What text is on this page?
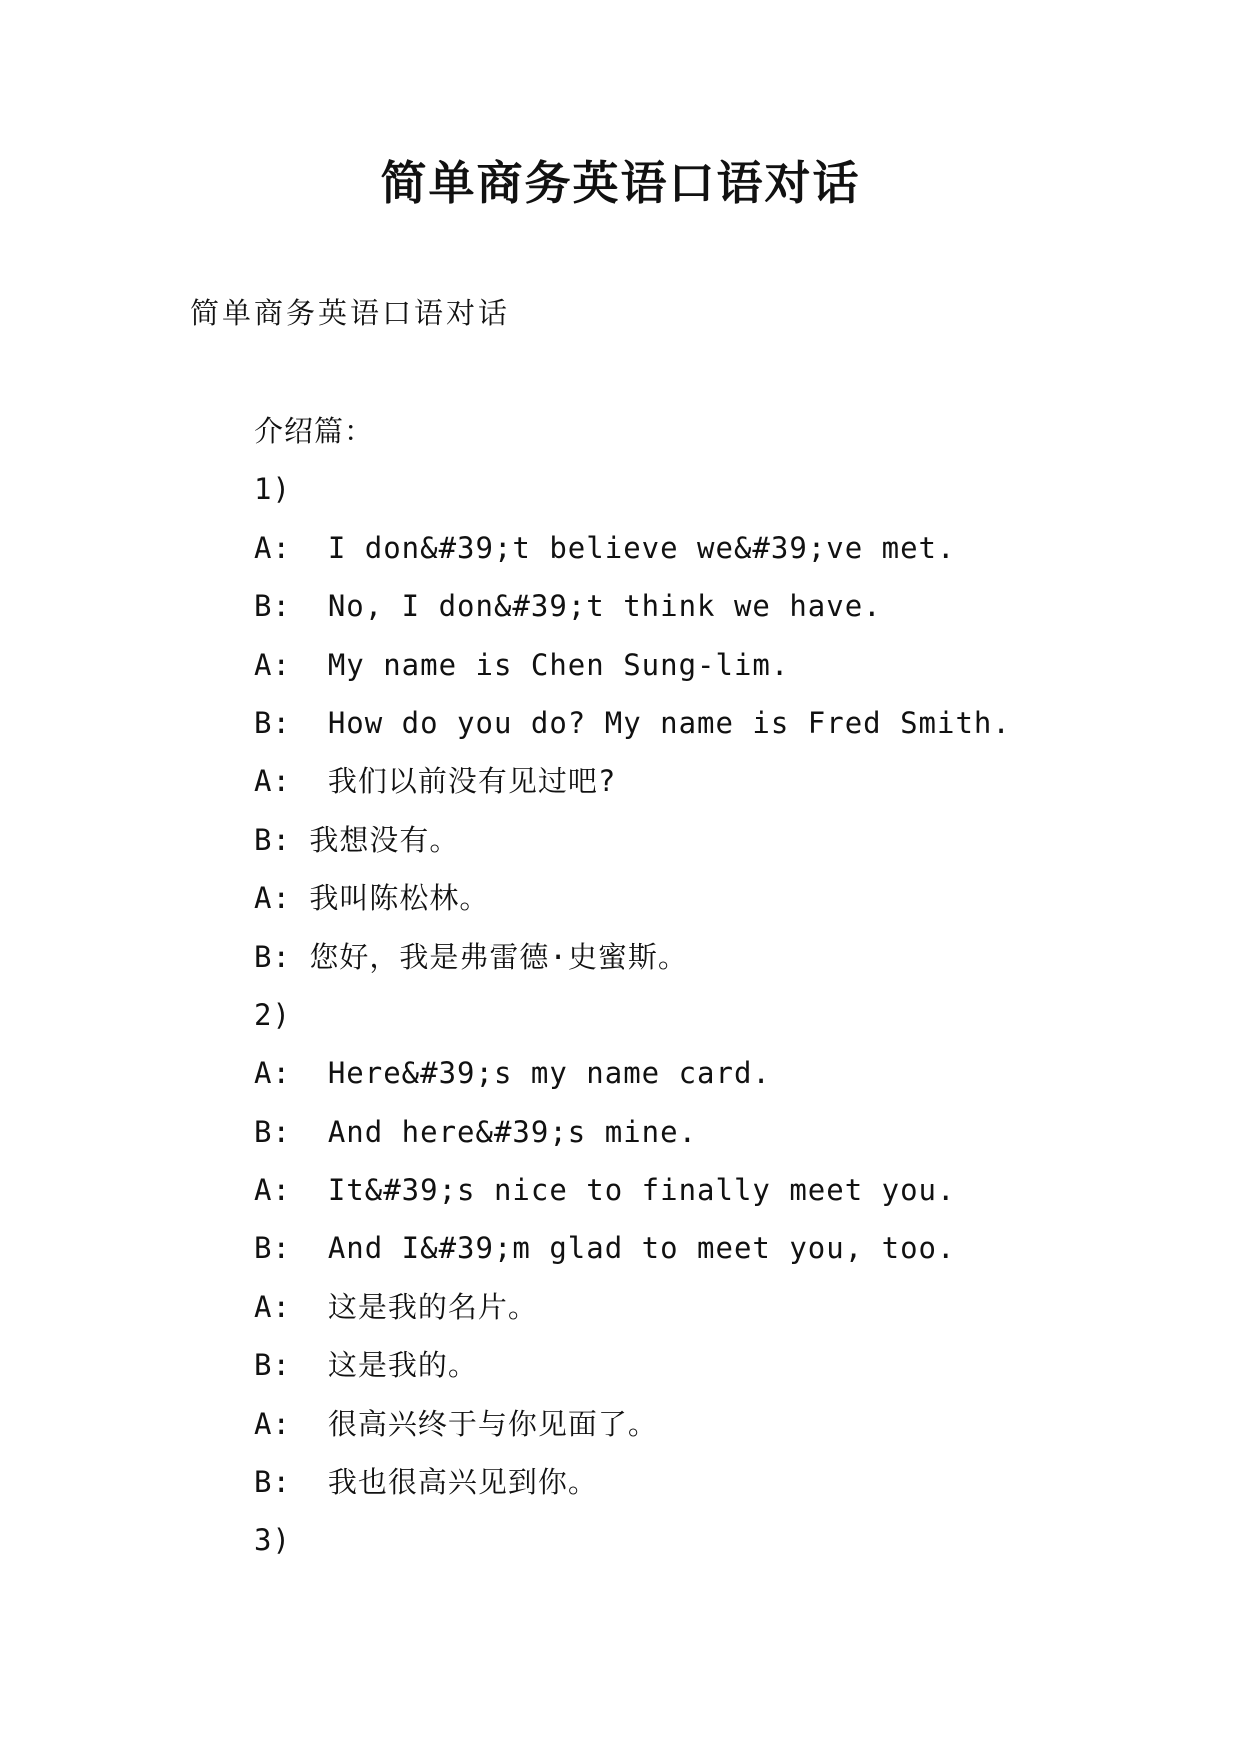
简单商务英语口语对话
简单商务英语口语对话
介绍篇：
1)
A:  I don&#39;t believe we&#39;ve met.
B:  No, I don&#39;t think we have.
A:  My name is Chen Sung-lim.
B:  How do you do? My name is Fred Smith.
A:  我们以前没有见过吧?
B: 我想没有。
A: 我叫陈松林。
B: 您好，我是弗雷德·史蜜斯。
2)
A:  Here&#39;s my name card.
B:  And here&#39;s mine.
A:  It&#39;s nice to finally meet you.
B:  And I&#39;m glad to meet you, too.
A:  这是我的名片。
B:  这是我的。
A:  很高兴终于与你见面了。
B:  我也很高兴见到你。
3)
